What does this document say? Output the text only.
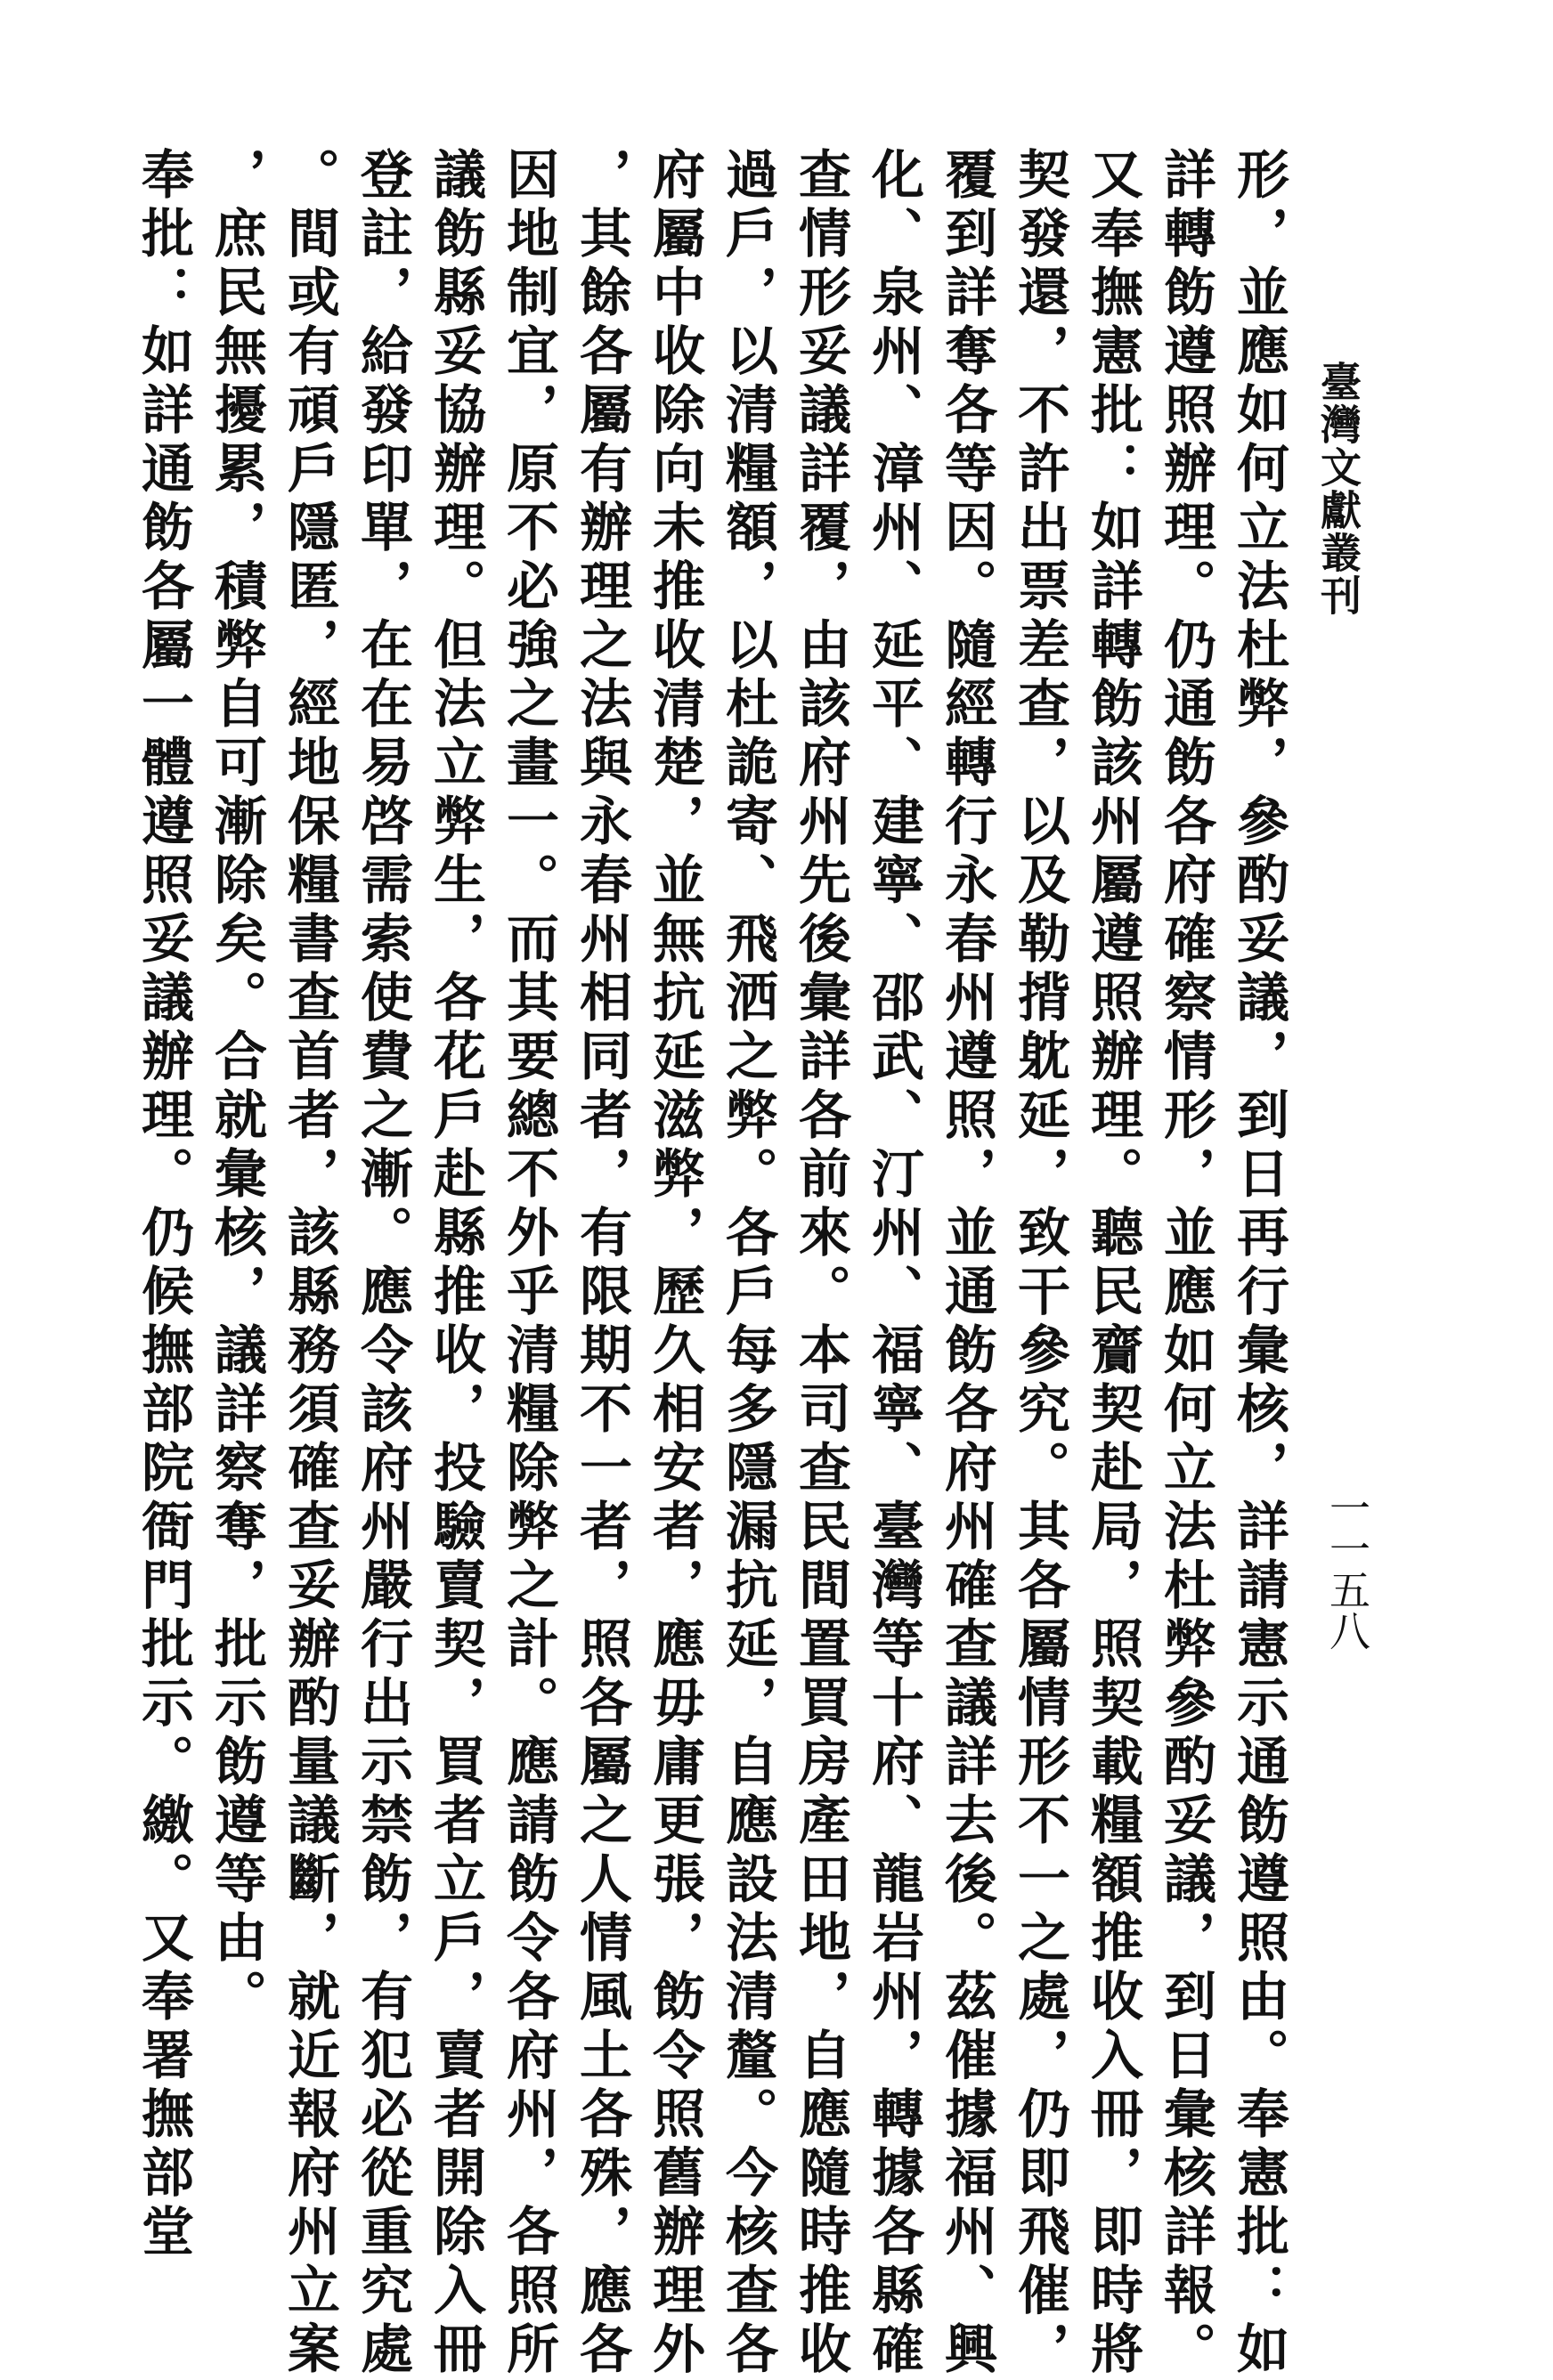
臺灣文獻叢刊
一一五八
形，並應如何立法杜弊，參酌妥議，到日再行彙核，詳請憲示通飭遵照由。奉憲批：如
詳轉飭遵照辦理。仍通飭各府確察情形，並應如何立法杜弊參酌妥議，到日彙核詳報。
又奉撫憲批：如詳轉飭該州屬遵照辦理。聽民齎契赴局，照契載糧額推收入冊，即時將
契發還，不許出票差查，以及勒揹躭延，致干參究。其各屬情形不一之處，仍即飛催，
覆到詳奪各等因。隨經轉行永春州遵照，並通飭各府州確查議詳去後。茲催據福州、興
化、泉州、漳州、延平、建寧、邵武、汀州、福寧、臺灣等十府、龍岩州，轉據各縣確
查情形妥議詳覆，由該府州先後彙詳各前來。本司查民間置買房產田地，自應隨時推收
過戶，以清糧額，以杜詭寄、飛洒之弊。各戶每多隱漏抗延，自應設法清釐。今核查各
府屬中收除向未推收清楚，並無抗延滋弊，歷久相安者，應毋庸更張，飭令照舊辦理外
，其餘各屬有辦理之法與永春州相同者，有限期不一者，照各屬之人情風土各殊，應各
因地制宜，原不必強之畫一。而其要總不外乎清糧除弊之計。應請飭令各府州，各照所
議飭縣妥協辦理。但法立弊生，各花戶赴縣推收，投驗賣契，買者立戶，賣者開除入冊
登註，給發印單，在在易啓需索使費之漸。應令該府州嚴行出示禁飭，有犯必從重究處
。間或有頑戶隱匿，經地保糧書查首者，該縣務須確查妥辦酌量議斷，就近報府州立案
，庶民無擾累，積弊自可漸除矣。合就彙核，議詳察奪，批示飭遵等由。
奉批：如詳通飭各屬一體遵照妥議辦理。仍候撫部院衙門批示。繳。又奉署撫部堂
